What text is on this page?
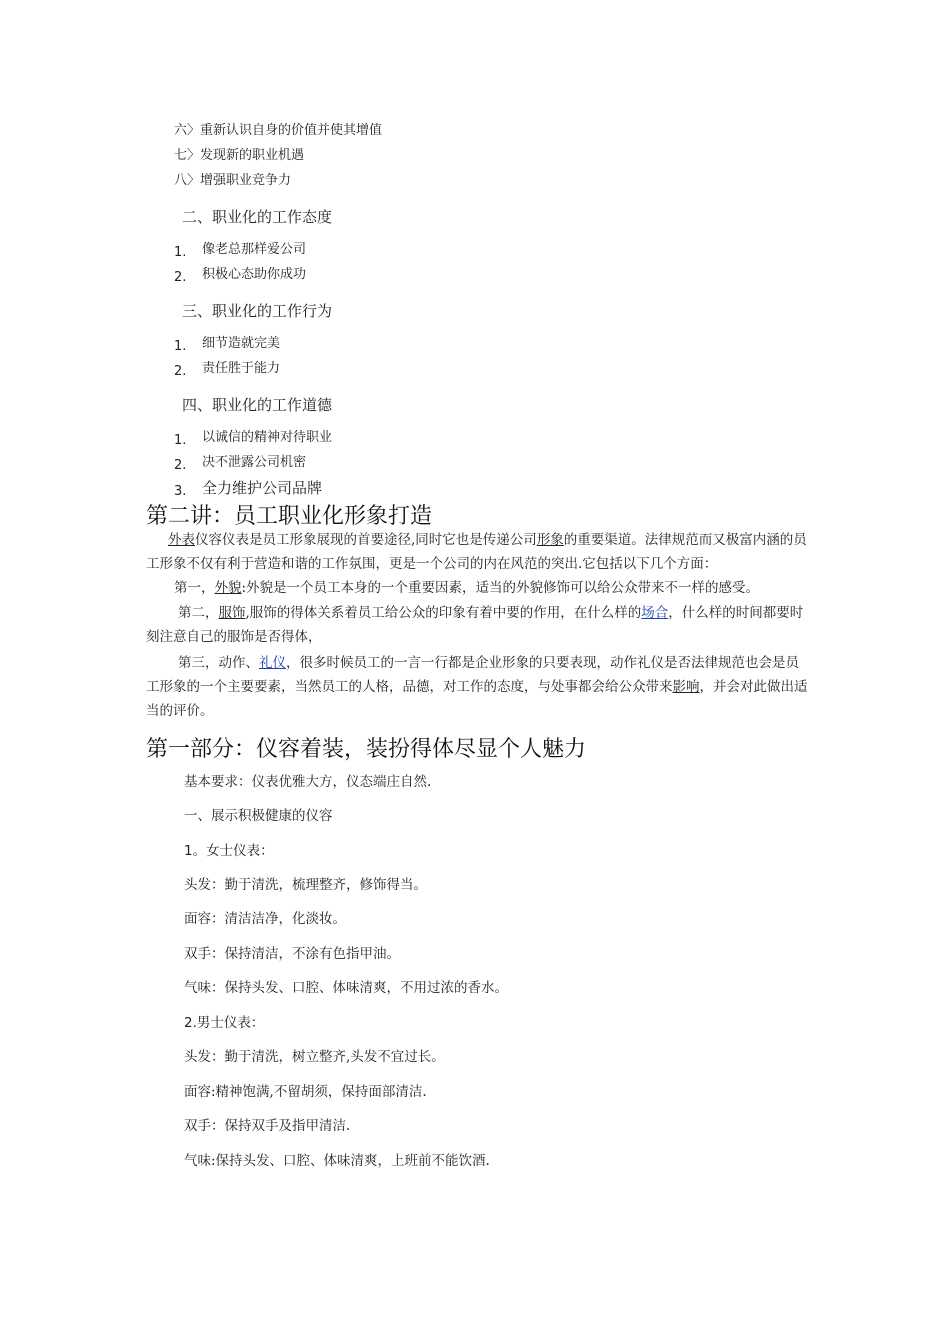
六〉重新认识自身的价值并使其增值
七〉发现新的职业机遇
八〉增强职业竞争力
二、职业化的工作态度
1. 像老总那样爱公司
2. 积极心态助你成功
三、职业化的工作行为
1. 细节造就完美
2. 责任胜于能力
四、职业化的工作道德
1. 以诚信的精神对待职业
2. 决不泄露公司机密
3. 全力维护公司品牌
第二讲：员工职业化形象打造
外表仪容仪表是员工形象展现的首要途径,同时它也是传递公司形象的重要渠道。法律规范而又极富内涵的员工形象不仅有利于营造和谐的工作氛围，更是一个公司的内在风范的突出.它包括以下几个方面：
第一，外貌:外貌是一个员工本身的一个重要因素，适当的外貌修饰可以给公众带来不一样的感受。
第二，服饰,服饰的得体关系着员工给公众的印象有着中要的作用，在什么样的场合，什么样的时间都要时刻注意自己的服饰是否得体，
第三，动作、礼仪，很多时候员工的一言一行都是企业形象的只要表现，动作礼仪是否法律规范也会是员工形象的一个主要要素，当然员工的人格，品德，对工作的态度，与处事都会给公众带来影响，并会对此做出适当的评价。
第一部分：仪容着装，装扮得体尽显个人魅力
基本要求：仪表优雅大方，仪态端庄自然.
一、展示积极健康的仪容
1。女士仪表：
头发：勤于清洗，梳理整齐，修饰得当。
面容：清洁洁净，化淡妆。
双手：保持清洁，不涂有色指甲油。
气味：保持头发、口腔、体味清爽，不用过浓的香水。
2.男士仪表：
头发：勤于清洗，树立整齐,头发不宜过长。
面容:精神饱满,不留胡须，保持面部清洁.
双手：保持双手及指甲清洁.
气味:保持头发、口腔、体味清爽，上班前不能饮酒.
